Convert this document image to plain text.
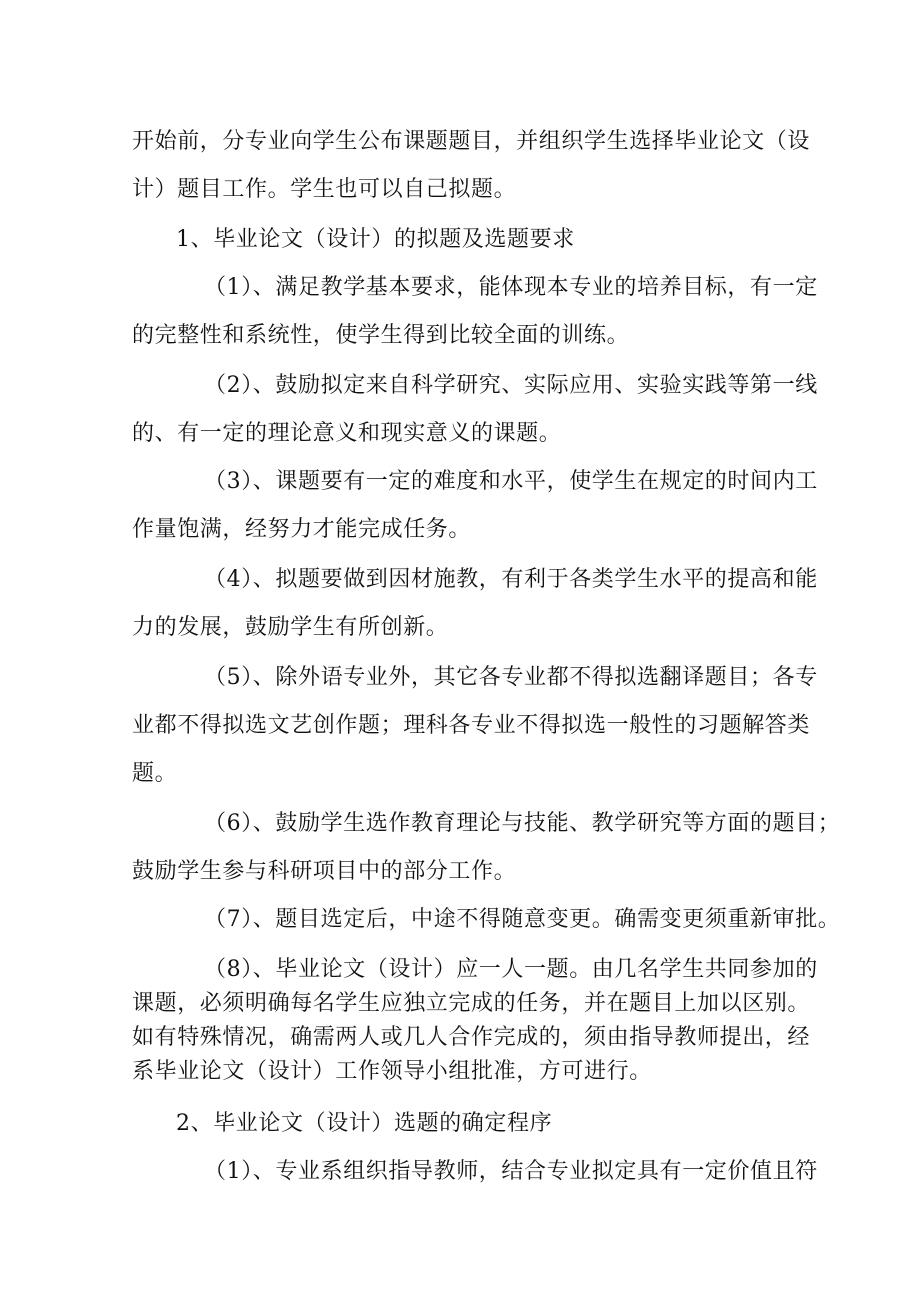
开始前，分专业向学生公布课题题目，并组织学生选择毕业论文（设
计）题目工作。学生也可以自己拟题。
1、毕业论文（设计）的拟题及选题要求
（1）、满足教学基本要求，能体现本专业的培养目标，有一定
的完整性和系统性，使学生得到比较全面的训练。
（2）、鼓励拟定来自科学研究、实际应用、实验实践等第一线
的、有一定的理论意义和现实意义的课题。
（3）、课题要有一定的难度和水平，使学生在规定的时间内工
作量饱满，经努力才能完成任务。
（4）、拟题要做到因材施教，有利于各类学生水平的提高和能
力的发展，鼓励学生有所创新。
（5）、除外语专业外，其它各专业都不得拟选翻译题目；各专
业都不得拟选文艺创作题；理科各专业不得拟选一般性的习题解答类
题。
（6）、鼓励学生选作教育理论与技能、教学研究等方面的题目；
鼓励学生参与科研项目中的部分工作。
（7）、题目选定后，中途不得随意变更。确需变更须重新审批。
（8）、毕业论文（设计）应一人一题。由几名学生共同参加的
课题，必须明确每名学生应独立完成的任务，并在题目上加以区别。
如有特殊情况，确需两人或几人合作完成的，须由指导教师提出，经
系毕业论文（设计）工作领导小组批准，方可进行。
2、毕业论文（设计）选题的确定程序
（1）、专业系组织指导教师，结合专业拟定具有一定价值且符
